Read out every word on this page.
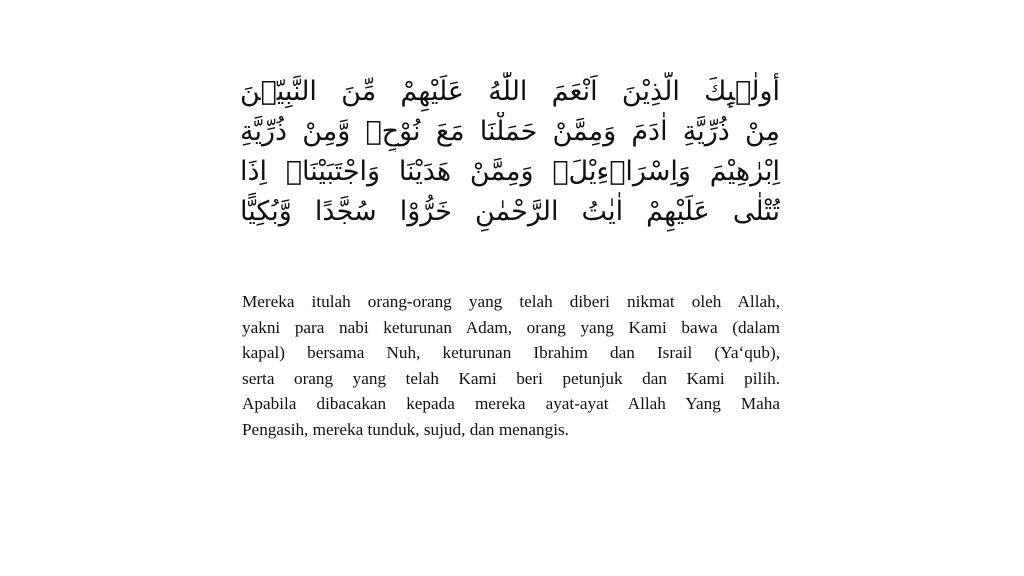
أُولٰۤىِٕكَ الَّذِيْنَ اَنْعَمَ اللّٰهُ عَلَيْهِمْ مِّنَ النَّبِيّٖنَ
مِنْ ذُرِّيَّةِ اٰدَمَ وَمِمَّنْ حَمَلْنَا مَعَ نُوْحٍۖ وَّمِنْ ذُرِّيَّةِ
اِبْرٰهِيْمَ وَاِسْرَاۤءِيْلَۖ وَمِمَّنْ هَدَيْنَا وَاجْتَبَيْنَاۗ اِذَا
تُتْلٰى عَلَيْهِمْ اٰيٰتُ الرَّحْمٰنِ خَرُّوْا سُجَّدًا وَّبُكِيًّا
Mereka itulah orang-orang yang telah diberi nikmat oleh Allah,
yakni para nabi keturunan Adam, orang yang Kami bawa (dalam
kapal) bersama Nuh, keturunan Ibrahim dan Israil (Ya‘qub),
serta orang yang telah Kami beri petunjuk dan Kami pilih.
Apabila dibacakan kepada mereka ayat-ayat Allah Yang Maha
Pengasih, mereka tunduk, sujud, dan menangis.
